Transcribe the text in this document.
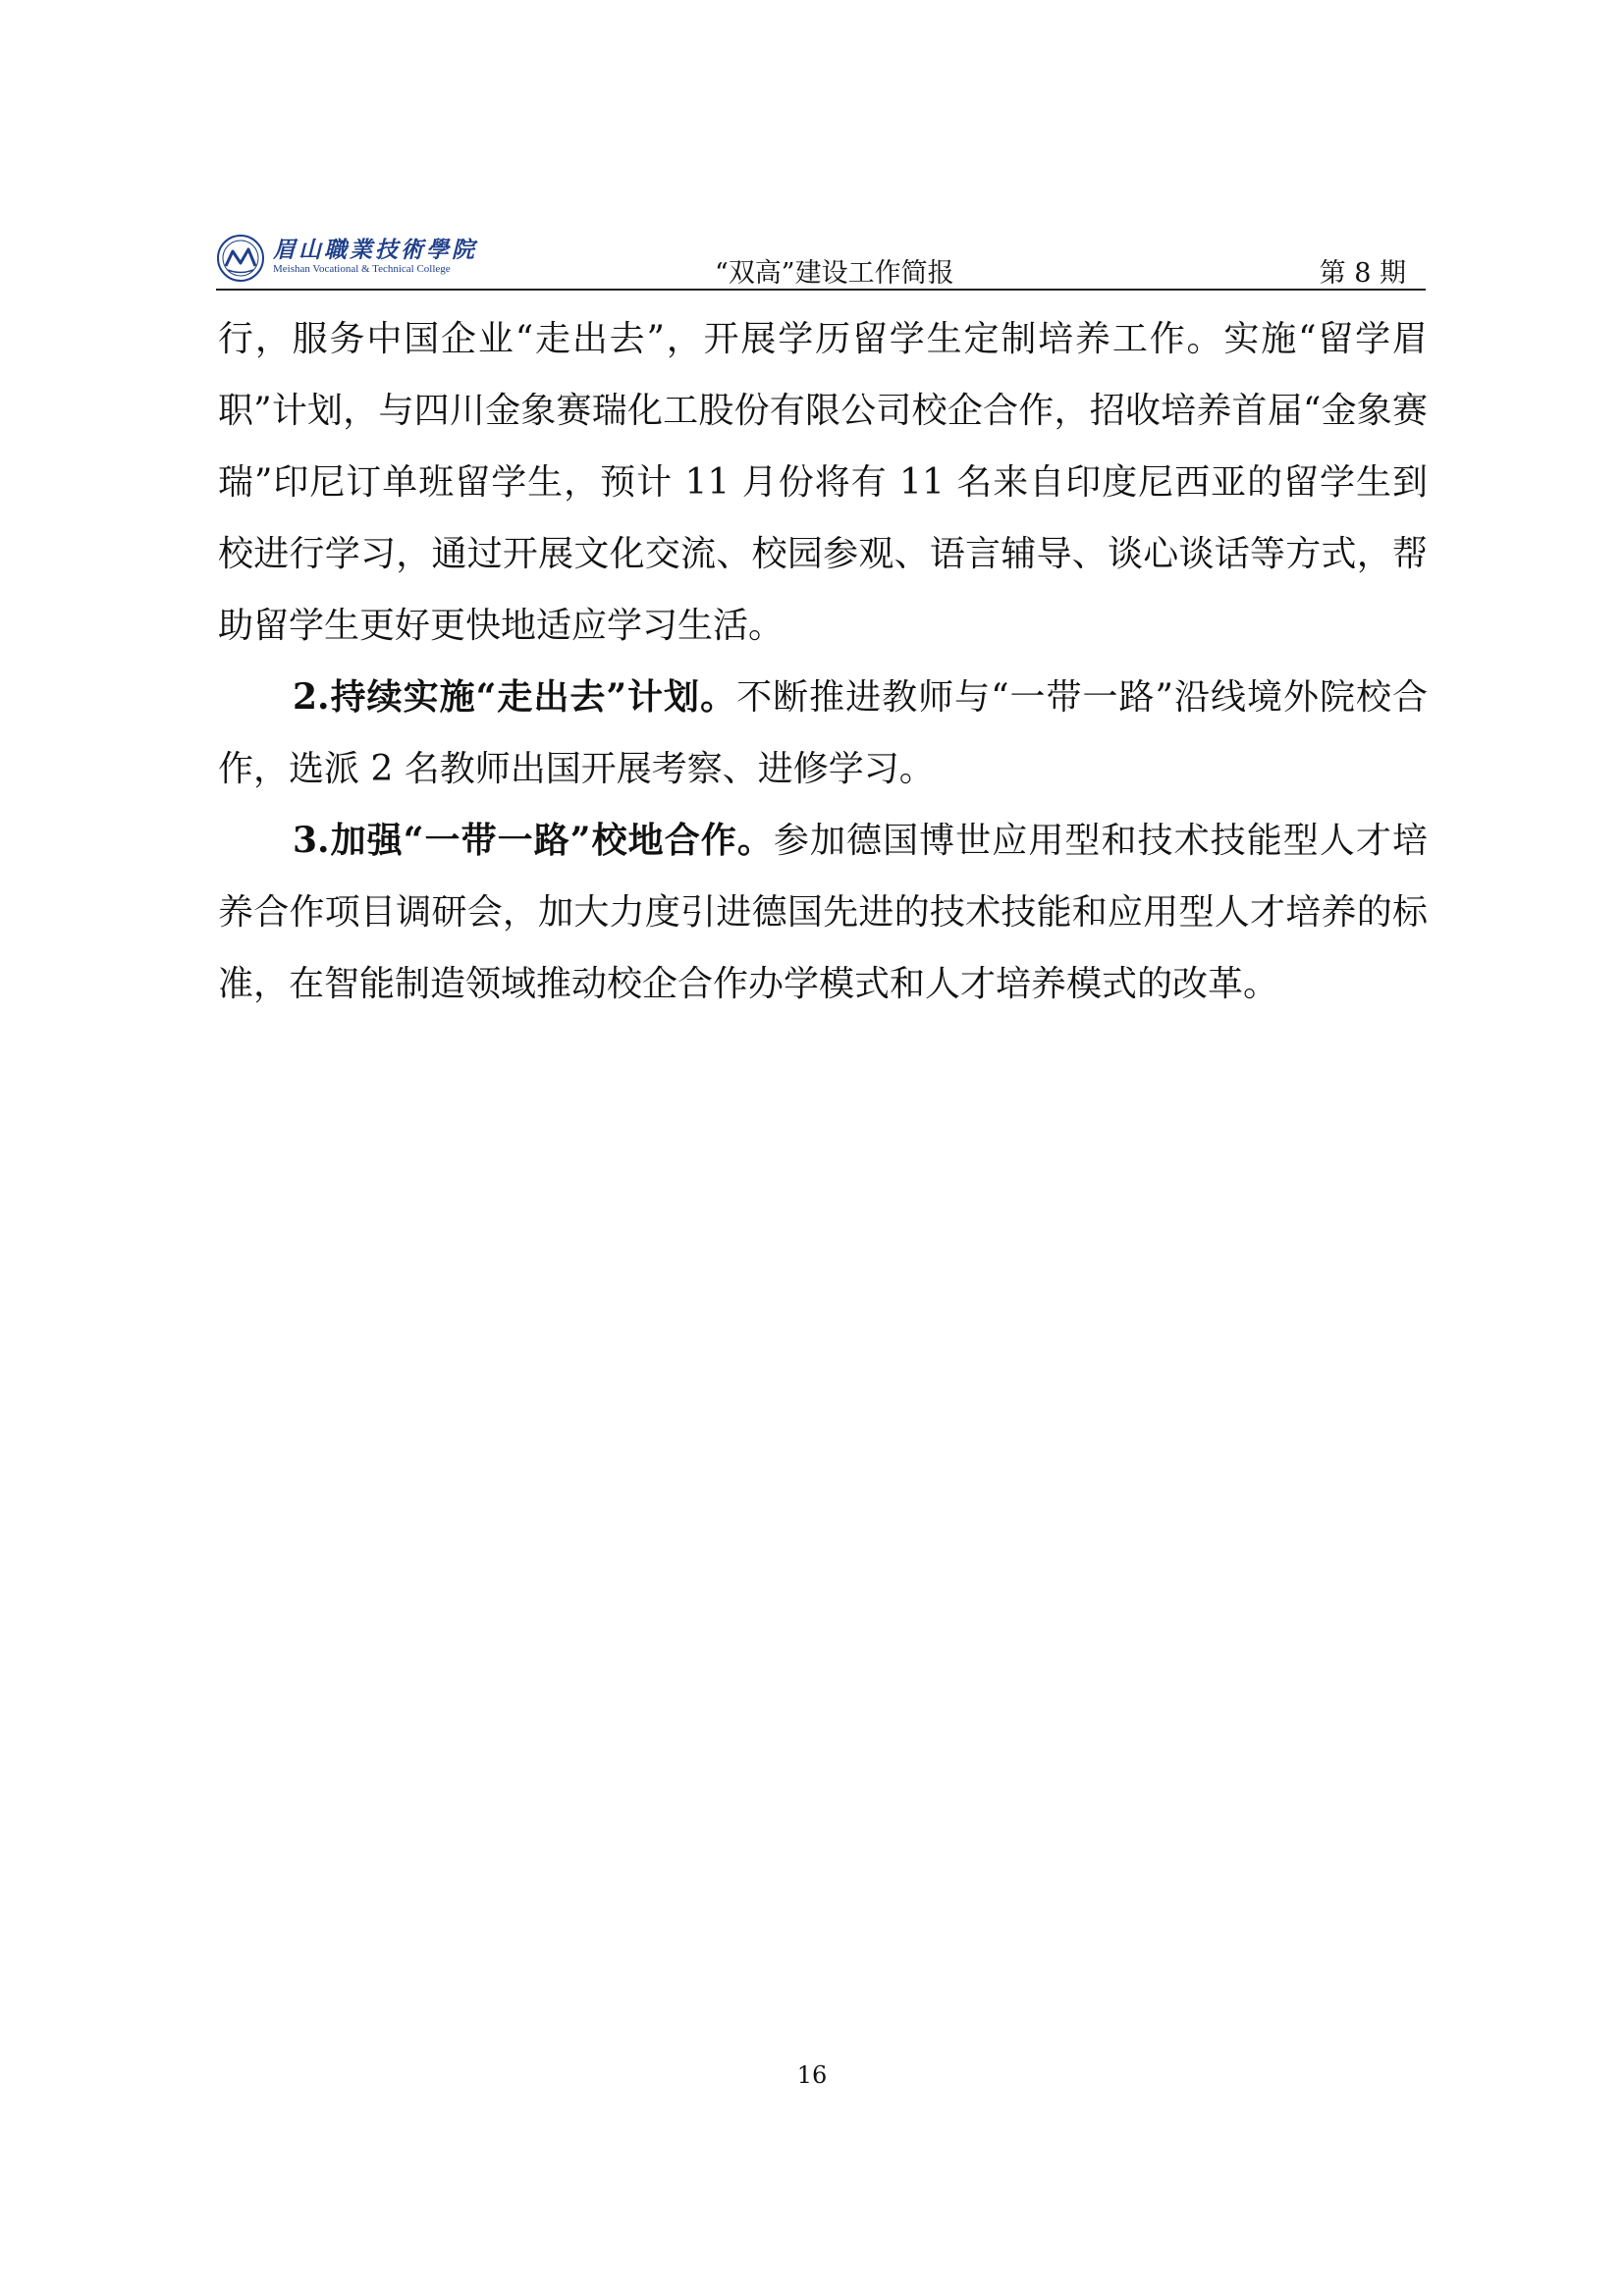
眉山職業技術學院
Meishan Vocational & Technical College	“双高”建设工作简报	第 8 期

行，服务中国企业“走出去”，开展学历留学生定制培养工作。实施“留学眉职”计划，与四川金象赛瑞化工股份有限公司校企合作，招收培养首届“金象赛瑞”印尼订单班留学生，预计 11 月份将有 11 名来自印度尼西亚的留学生到校进行学习，通过开展文化交流、校园参观、语言辅导、谈心谈话等方式，帮助留学生更好更快地适应学习生活。

2.持续实施“走出去”计划。不断推进教师与“一带一路”沿线境外院校合作，选派 2 名教师出国开展考察、进修学习。

3.加强“一带一路”校地合作。参加德国博世应用型和技术技能型人才培养合作项目调研会，加大力度引进德国先进的技术技能和应用型人才培养的标准，在智能制造领域推动校企合作办学模式和人才培养模式的改革。

16
